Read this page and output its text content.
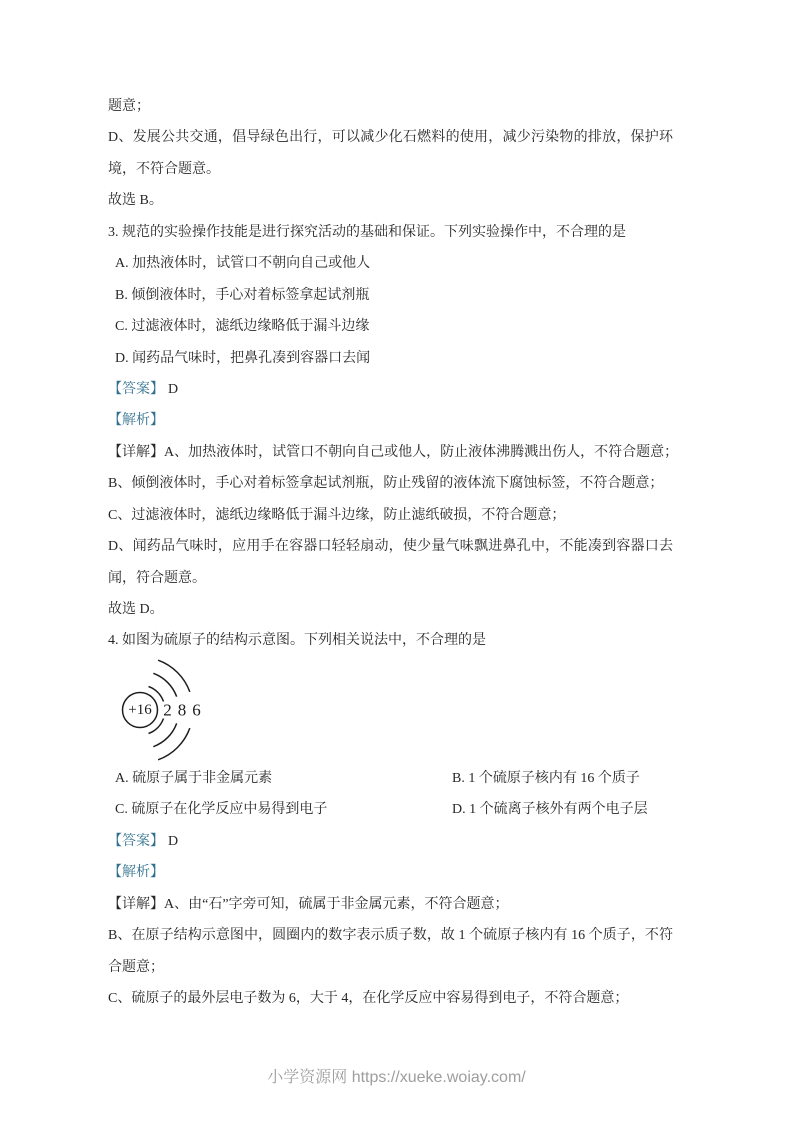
题意；
D、发展公共交通，倡导绿色出行，可以减少化石燃料的使用，减少污染物的排放，保护环
境，不符合题意。
故选 B。
3. 规范的实验操作技能是进行探究活动的基础和保证。下列实验操作中，不合理的是
A. 加热液体时，试管口不朝向自己或他人
B. 倾倒液体时，手心对着标签拿起试剂瓶
C. 过滤液体时，滤纸边缘略低于漏斗边缘
D. 闻药品气味时，把鼻孔凑到容器口去闻
【答案】 D
【解析】
【详解】A、加热液体时，试管口不朝向自己或他人，防止液体沸腾溅出伤人，不符合题意；
B、倾倒液体时，手心对着标签拿起试剂瓶，防止残留的液体流下腐蚀标签，不符合题意；
C、过滤液体时，滤纸边缘略低于漏斗边缘，防止滤纸破损，不符合题意；
D、闻药品气味时，应用手在容器口轻轻扇动，使少量气味飘进鼻孔中，不能凑到容器口去
闻，符合题意。
故选 D。
4. 如图为硫原子的结构示意图。下列相关说法中，不合理的是
+16 2 8 6
A. 硫原子属于非金属元素	B. 1 个硫原子核内有 16 个质子
C. 硫原子在化学反应中易得到电子	D. 1 个硫离子核外有两个电子层
【答案】 D
【解析】
【详解】A、由“石”字旁可知，硫属于非金属元素，不符合题意；
B、在原子结构示意图中，圆圈内的数字表示质子数，故 1 个硫原子核内有 16 个质子，不符
合题意；
C、硫原子的最外层电子数为 6，大于 4，在化学反应中容易得到电子，不符合题意；
小学资源网 https://xueke.woiay.com/
